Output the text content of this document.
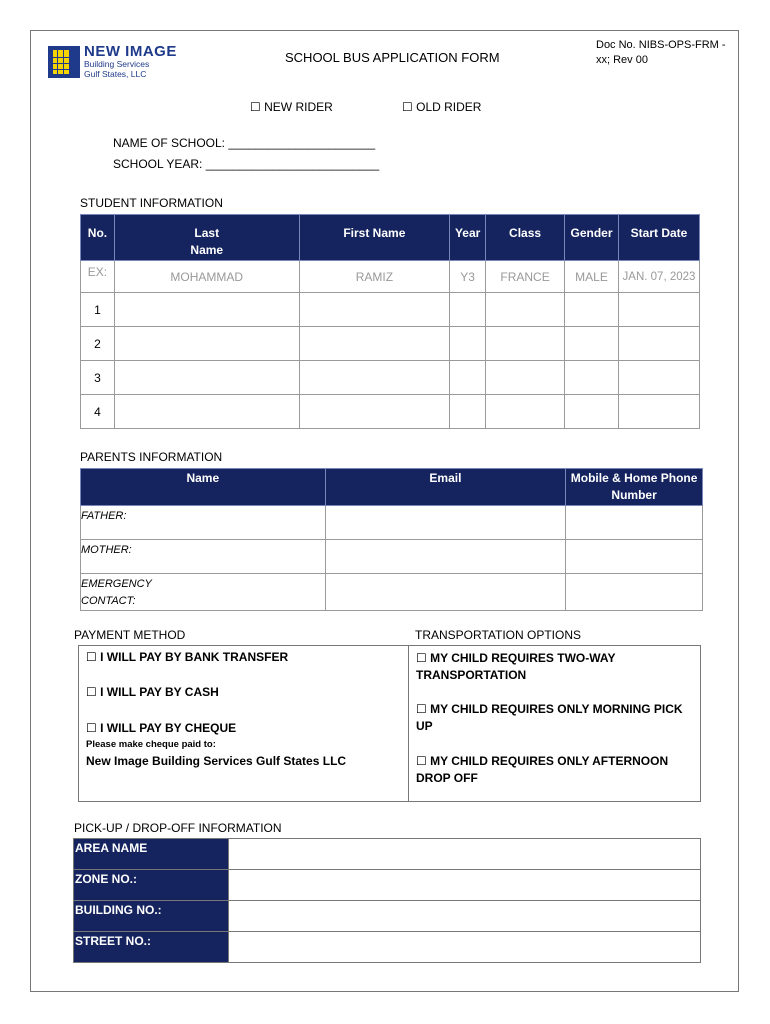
NEW IMAGE
Building Services
Gulf States, LLC
SCHOOL BUS APPLICATION FORM
Doc No. NIBS-OPS-FRM -
xx; Rev 00
☐ NEW RIDER	☐ OLD RIDER
NAME OF SCHOOL: ______________________
SCHOOL YEAR: __________________________
STUDENT INFORMATION
No.	Last Name	First Name	Year	Class	Gender	Start Date
EX:	MOHAMMAD	RAMIZ	Y3	FRANCE	MALE	JAN. 07, 2023
1						
2						
3						
4						
PARENTS INFORMATION
Name	Email	Mobile & Home Phone Number
FATHER:		
MOTHER:		

EMERGENCY CONTACT:		

PAYMENT METHOD	TRANSPORTATION OPTIONS
☐ I WILL PAY BY BANK TRANSFER
☐ I WILL PAY BY CASH
☐ I WILL PAY BY CHEQUE
Please make cheque paid to:
New Image Building Services Gulf States LLC
☐ MY CHILD REQUIRES TWO-WAY TRANSPORTATION
☐ MY CHILD REQUIRES ONLY MORNING PICK UP
☐ MY CHILD REQUIRES ONLY AFTERNOON DROP OFF
PICK-UP / DROP-OFF INFORMATION
AREA NAME	
ZONE NO.:	
BUILDING NO.:	
STREET NO.:	
